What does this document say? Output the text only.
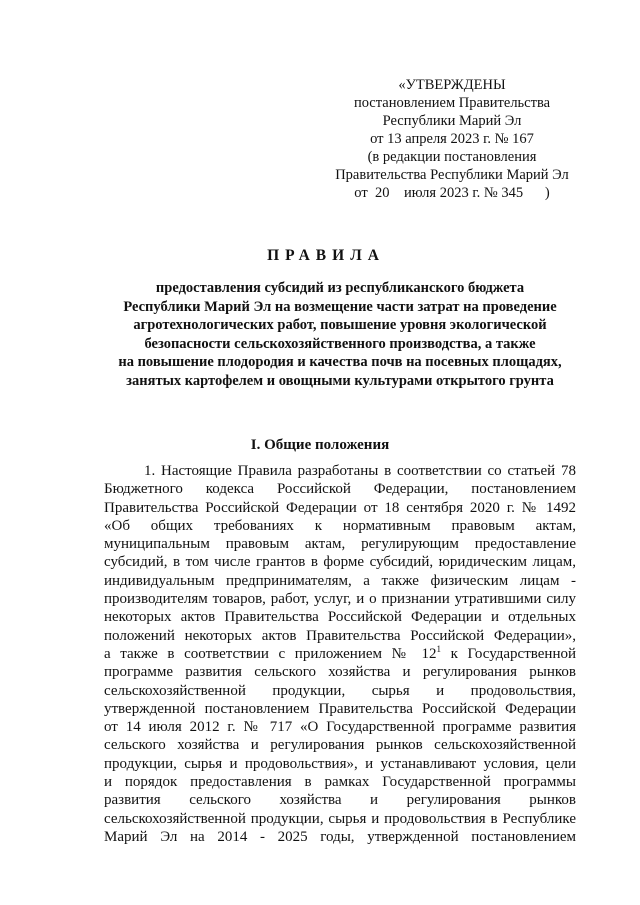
«УТВЕРЖДЕНЫ
постановлением Правительства
Республики Марий Эл
от 13 апреля 2023 г. № 167
(в редакции постановления
Правительства Республики Марий Эл
от  20    июля 2023 г. № 345      )
ПРАВИЛА
предоставления субсидий из республиканского бюджета
Республики Марий Эл на возмещение части затрат на проведение
агротехнологических работ, повышение уровня экологической
безопасности сельскохозяйственного производства, а также
на повышение плодородия и качества почв на посевных площадях,
занятых картофелем и овощными культурами открытого грунта
I. Общие положения
1. Настоящие Правила разработаны в соответствии со статьей 78
Бюджетного кодекса Российской Федерации, постановлением
Правительства Российской Федерации от 18 сентября 2020 г. № 1492
«Об общих требованиях к нормативным правовым актам,
муниципальным правовым актам, регулирующим предоставление
субсидий, в том числе грантов в форме субсидий, юридическим лицам,
индивидуальным предпринимателям, а также физическим лицам -
производителям товаров, работ, услуг, и о признании утратившими силу
некоторых актов Правительства Российской Федерации и отдельных
положений некоторых актов Правительства Российской Федерации»,
а также в соответствии с приложением № $12^1$ к Государственной
программе развития сельского хозяйства и регулирования рынков
сельскохозяйственной продукции, сырья и продовольствия,
утвержденной постановлением Правительства Российской Федерации
от 14 июля 2012 г. № 717 «О Государственной программе развития
сельского хозяйства и регулирования рынков сельскохозяйственной
продукции, сырья и продовольствия», и устанавливают условия, цели
и порядок предоставления в рамках Государственной программы
развития сельского хозяйства и регулирования рынков
сельскохозяйственной продукции, сырья и продовольствия в Республике
Марий Эл на 2014 - 2025 годы, утвержденной постановлением
